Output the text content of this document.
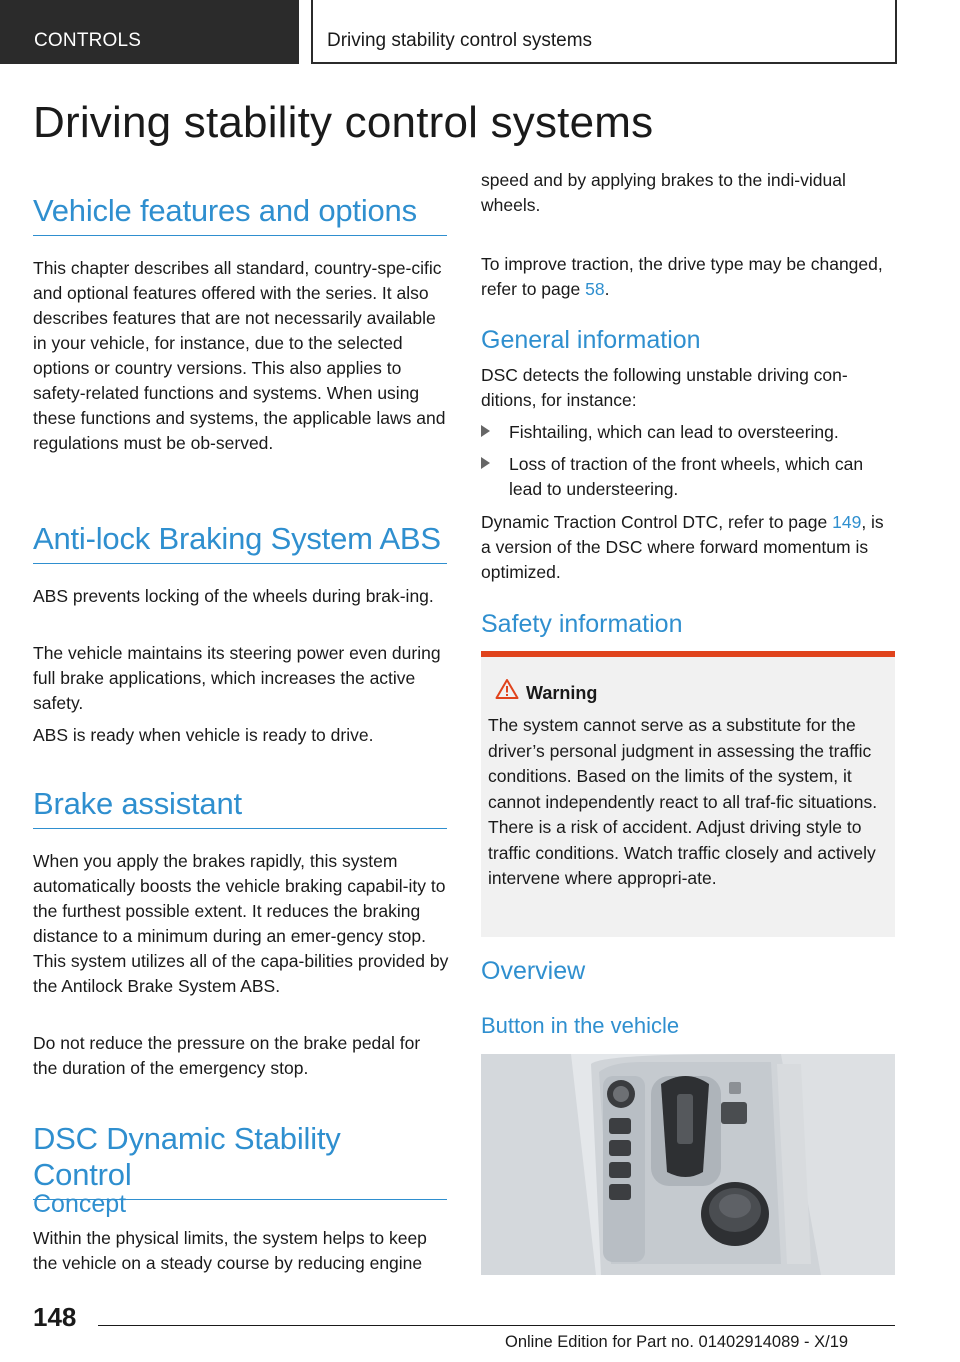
CONTROLS	Driving stability control systems
Driving stability control systems
Vehicle features and options

This chapter describes all standard, country-spe‐cific and optional features offered with the series. It also describes features that are not necessarily available in your vehicle, for instance, due to the selected options or country versions. This also applies to safety-related functions and systems. When using these functions and systems, the applicable laws and regulations must be ob‐served.

Anti-lock Braking System ABS

ABS prevents locking of the wheels during brak‐ing.

The vehicle maintains its steering power even during full brake applications, which increases the active safety.

ABS is ready when vehicle is ready to drive.

Brake assistant

When you apply the brakes rapidly, this system automatically boosts the vehicle braking capabil‐ity to the furthest possible extent. It reduces the braking distance to a minimum during an emer‐gency stop. This system utilizes all of the capa‐bilities provided by the Antilock Brake System ABS.

Do not reduce the pressure on the brake pedal for the duration of the emergency stop.

DSC Dynamic Stability Control
Concept

Within the physical limits, the system helps to keep the vehicle on a steady course by reducing engine

speed and by applying brakes to the indi‐vidual wheels.

To improve traction, the drive type may be changed, refer to page 58.

General information

DSC detects the following unstable driving con‐ditions, for instance:

Fishtailing, which can lead to oversteering.
Loss of traction of the front wheels, which can lead to understeering.

Dynamic Traction Control DTC, refer to page 149, is a version of the DSC where forward momentum is optimized.

Safety information
Warning

The system cannot serve as a substitute for the driver’s personal judgment in assessing the traffic conditions. Based on the limits of the system, it cannot independently react to all traf‐fic situations. There is a risk of accident. Adjust driving style to traffic conditions. Watch traffic closely and actively intervene where appropri‐ate.

Overview
Button in the vehicle
148
Online Edition for Part no. 01402914089 - X/19
